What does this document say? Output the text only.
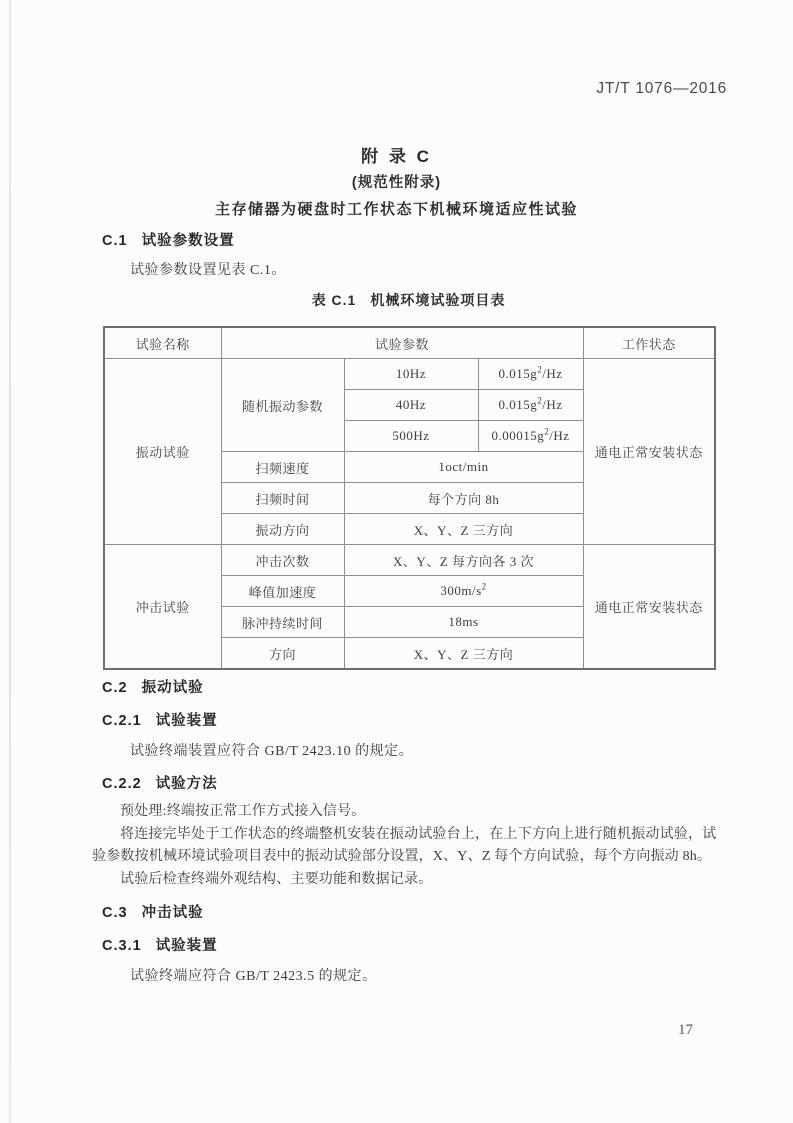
JT/T 1076—2016
附 录 C
(规范性附录)
主存储器为硬盘时工作状态下机械环境适应性试验
C.1 试验参数设置
试验参数设置见表 C.1。
表 C.1 机械环境试验项目表
试验名称	试验参数			工作状态
振动试验	随机振动参数	10Hz	$0.015g^2/Hz$	通电正常安装状态
		40Hz	$0.015g^2/Hz$	
		500Hz	$0.00015g^2/Hz$	
	扫频速度	1oct/min		
	扫频时间	每个方向 8h		
	振动方向	X、Y、Z 三方向		
冲击试验	冲击次数	X、Y、Z 每方向各 3 次		通电正常安装状态
	峰值加速度	$300m/s^2$
	脉冲持续时间	18ms		
	方向	X、Y、Z 三方向		
C.2 振动试验
C.2.1 试验装置
试验终端装置应符合 GB/T 2423.10 的规定。
C.2.2 试验方法

预处理:终端按正常工作方式接入信号。

将连接完毕处于工作状态的终端整机安装在振动试验台上，在上下方向上进行随机振动试验，试验参数按机械环境试验项目表中的振动试验部分设置，X、Y、Z 每个方向试验，每个方向振动 8h。

试验后检查终端外观结构、主要功能和数据记录。

C.3 冲击试验
C.3.1 试验装置
试验终端应符合 GB/T 2423.5 的规定。
17
